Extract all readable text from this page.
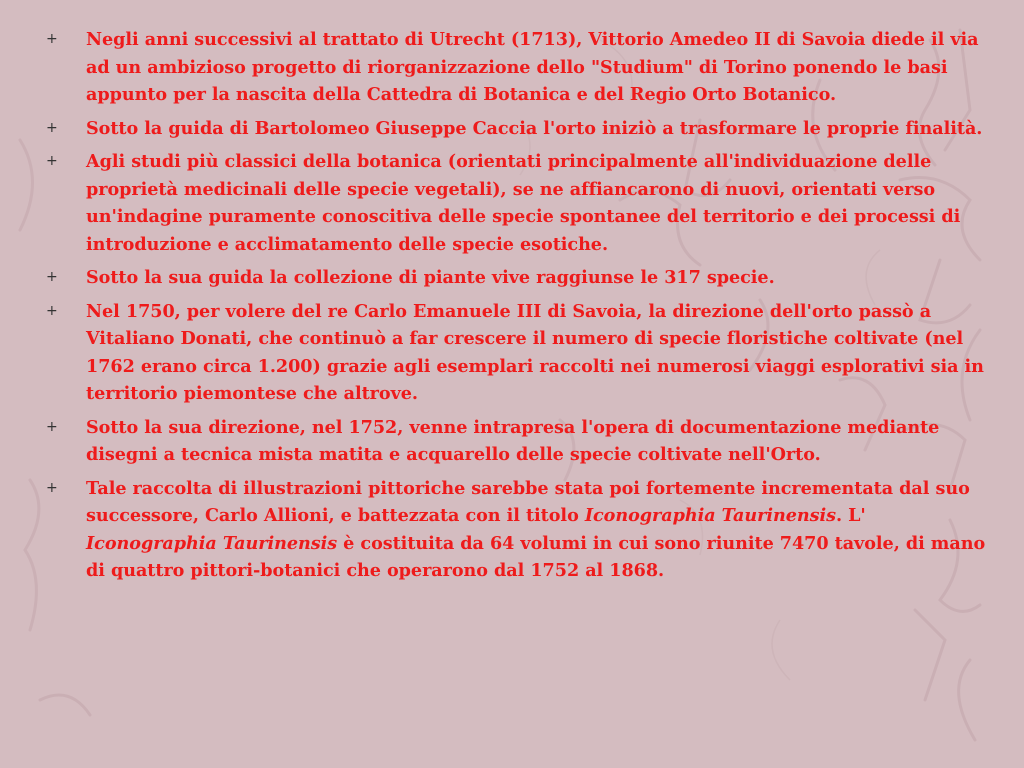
+ Negli anni successivi al trattato di Utrecht (1713), Vittorio Amedeo II di Savoia diede il via ad un ambizioso progetto di riorganizzazione dello "Studium" di Torino ponendo le basi appunto per la nascita della Cattedra di Botanica e del Regio Orto Botanico.
+ Sotto la guida di Bartolomeo Giuseppe Caccia l'orto iniziò a trasformare le proprie finalità.
+ Agli studi più classici della botanica (orientati principalmente all'individuazione delle proprietà medicinali delle specie vegetali), se ne affiancarono di nuovi, orientati verso un'indagine puramente conoscitiva delle specie spontanee del territorio e dei processi di introduzione e acclimatamento delle specie esotiche.
+ Sotto la sua guida la collezione di piante vive raggiunse le 317 specie.
+ Nel 1750, per volere del re Carlo Emanuele III di Savoia, la direzione dell'orto passò a Vitaliano Donati, che continuò a far crescere il numero di specie floristiche coltivate (nel 1762 erano circa 1.200) grazie agli esemplari raccolti nei numerosi viaggi esplorativi sia in territorio piemontese che altrove.
+ Sotto la sua direzione, nel 1752, venne intrapresa l'opera di documentazione mediante disegni a tecnica mista matita e acquarello delle specie coltivate nell'Orto.
+ Tale raccolta di illustrazioni pittoriche sarebbe stata poi fortemente incrementata dal suo successore, Carlo Allioni, e battezzata con il titolo Iconographia Taurinensis. L' Iconographia Taurinensis è costituita da 64 volumi in cui sono riunite 7470 tavole, di mano di quattro pittori-botanici che operarono dal 1752 al 1868.
